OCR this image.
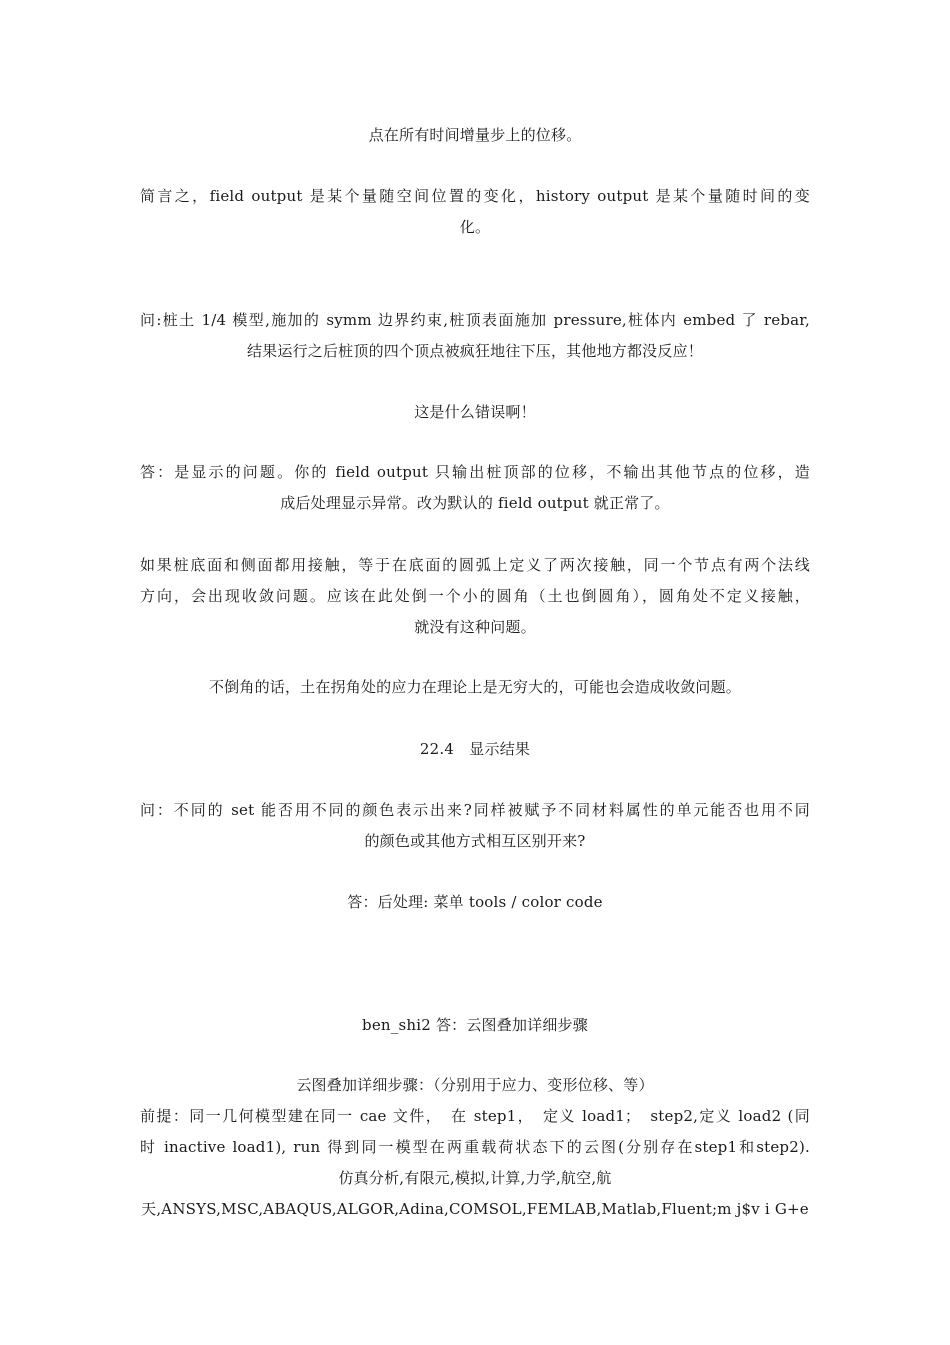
点在所有时间增量步上的位移。
简言之，field output 是某个量随空间位置的变化，history output 是某个量随时间的变
化。
问:桩土 1/4 模型,施加的 symm 边界约束,桩顶表面施加 pressure,桩体内 embed 了 rebar,
结果运行之后桩顶的四个顶点被疯狂地往下压，其他地方都没反应！
这是什么错误啊！
答：是显示的问题。你的 field output 只输出桩顶部的位移，不输出其他节点的位移，造
成后处理显示异常。改为默认的 field output 就正常了。
如果桩底面和侧面都用接触，等于在底面的圆弧上定义了两次接触，同一个节点有两个法线
方向，会出现收敛问题。应该在此处倒一个小的圆角（土也倒圆角），圆角处不定义接触，
就没有这种问题。
不倒角的话，土在拐角处的应力在理论上是无穷大的，可能也会造成收敛问题。
22.4　显示结果
问：不同的 set 能否用不同的颜色表示出来?同样被赋予不同材料属性的单元能否也用不同
的颜色或其他方式相互区别开来?
答：后处理: 菜单 tools / color code
ben_shi2 答：云图叠加详细步骤
云图叠加详细步骤：（分别用于应力、变形位移、等）
前提：同一几何模型建在同一 cae 文件，　在 step1，　定义 load1；　step2,定义 load2 (同
时 inactive load1), run 得到同一模型在两重载荷状态下的云图(分别存在step1和step2).
仿真分析,有限元,模拟,计算,力学,航空,航
天,ANSYS,MSC,ABAQUS,ALGOR,Adina,COMSOL,FEMLAB,Matlab,Fluent;m j$v i G+e
